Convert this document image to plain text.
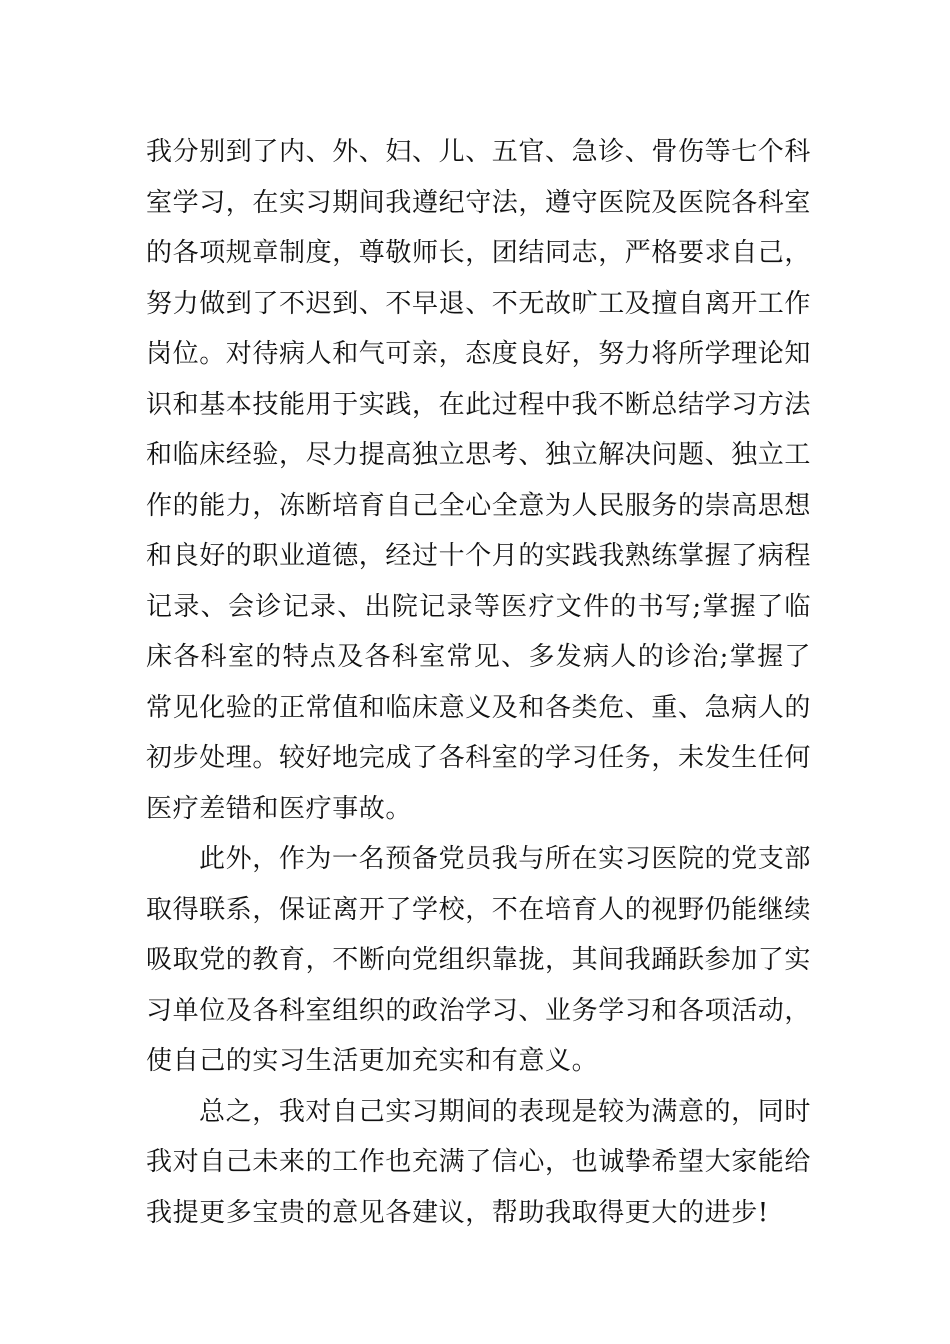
我分别到了内、外、妇、儿、五官、急诊、骨伤等七个科室学习，在实习期间我遵纪守法，遵守医院及医院各科室的各项规章制度，尊敬师长，团结同志，严格要求自己，努力做到了不迟到、不早退、不无故旷工及擅自离开工作岗位。对待病人和气可亲，态度良好，努力将所学理论知识和基本技能用于实践，在此过程中我不断总结学习方法和临床经验，尽力提高独立思考、独立解决问题、独立工作的能力，冻断培育自己全心全意为人民服务的崇高思想和良好的职业道德，经过十个月的实践我熟练掌握了病程记录、会诊记录、出院记录等医疗文件的书写;掌握了临床各科室的特点及各科室常见、多发病人的诊治;掌握了常见化验的正常值和临床意义及和各类危、重、急病人的初步处理。较好地完成了各科室的学习任务，未发生任何医疗差错和医疗事故。

此外，作为一名预备党员我与所在实习医院的党支部取得联系，保证离开了学校，不在培育人的视野仍能继续吸取党的教育，不断向党组织靠拢，其间我踊跃参加了实习单位及各科室组织的政治学习、业务学习和各项活动，使自己的实习生活更加充实和有意义。

总之，我对自己实习期间的表现是较为满意的，同时我对自己未来的工作也充满了信心，也诚挚希望大家能给我提更多宝贵的意见各建议，帮助我取得更大的进步!
